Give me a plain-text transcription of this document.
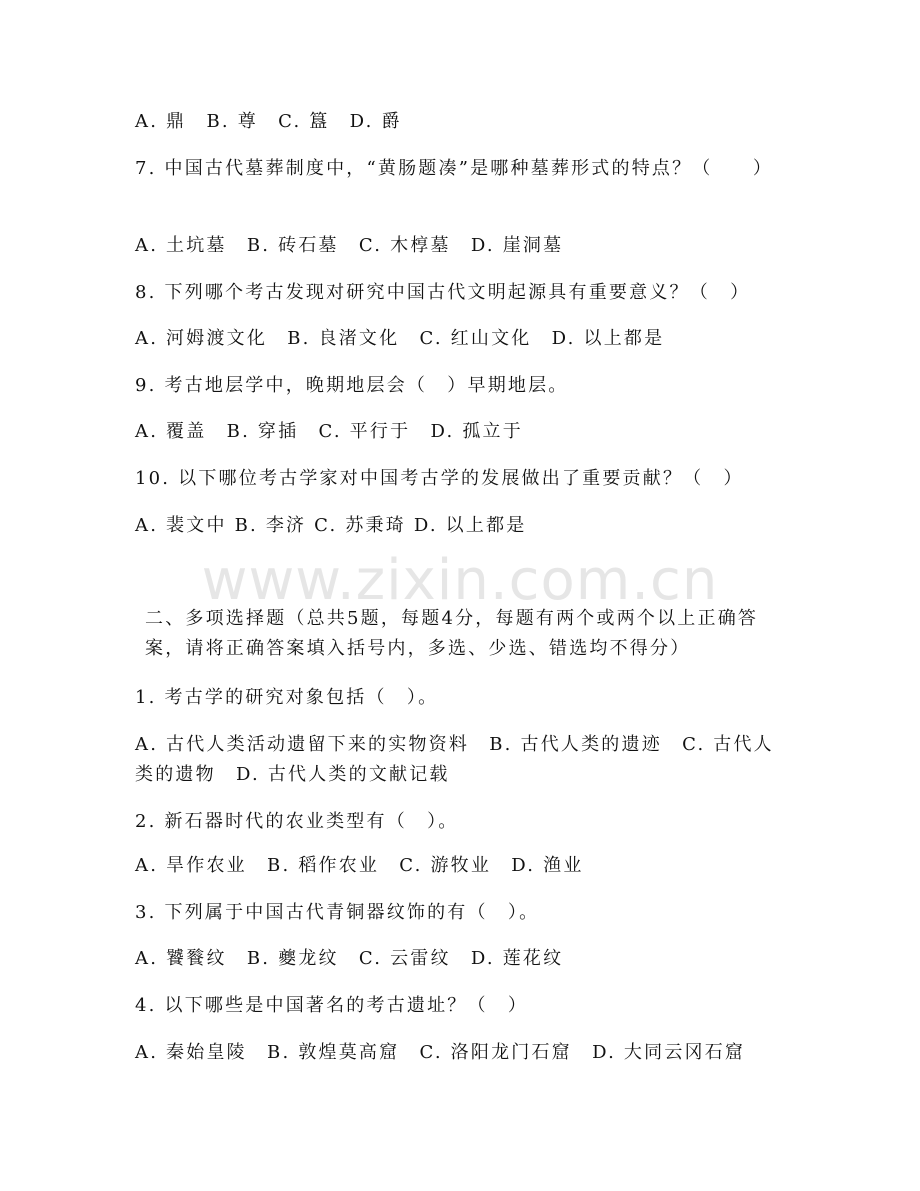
A. 鼎　B. 尊　C. 簋　D. 爵
7. 中国古代墓葬制度中，“黄肠题凑”是哪种墓葬形式的特点？（　　）
A. 土坑墓　B. 砖石墓　C. 木椁墓　D. 崖洞墓
8. 下列哪个考古发现对研究中国古代文明起源具有重要意义？（　）
A. 河姆渡文化　B. 良渚文化　C. 红山文化　D. 以上都是
9. 考古地层学中，晚期地层会（　）早期地层。
A. 覆盖　B. 穿插　C. 平行于　D. 孤立于
10. 以下哪位考古学家对中国考古学的发展做出了重要贡献？（　）
A. 裴文中 B. 李济 C. 苏秉琦 D. 以上都是
www.zixin.com.cn
二、多项选择题（总共5题，每题4分，每题有两个或两个以上正确答案，请将正确答案填入括号内，多选、少选、错选均不得分）
1. 考古学的研究对象包括（　）。
A. 古代人类活动遗留下来的实物资料　B. 古代人类的遗迹　C. 古代人类的遗物　D. 古代人类的文献记载
2. 新石器时代的农业类型有（　）。
A. 旱作农业　B. 稻作农业　C. 游牧业　D. 渔业
3. 下列属于中国古代青铜器纹饰的有（　）。
A. 饕餮纹　B. 夔龙纹　C. 云雷纹　D. 莲花纹
4. 以下哪些是中国著名的考古遗址？（　）
A. 秦始皇陵　B. 敦煌莫高窟　C. 洛阳龙门石窟　D. 大同云冈石窟
